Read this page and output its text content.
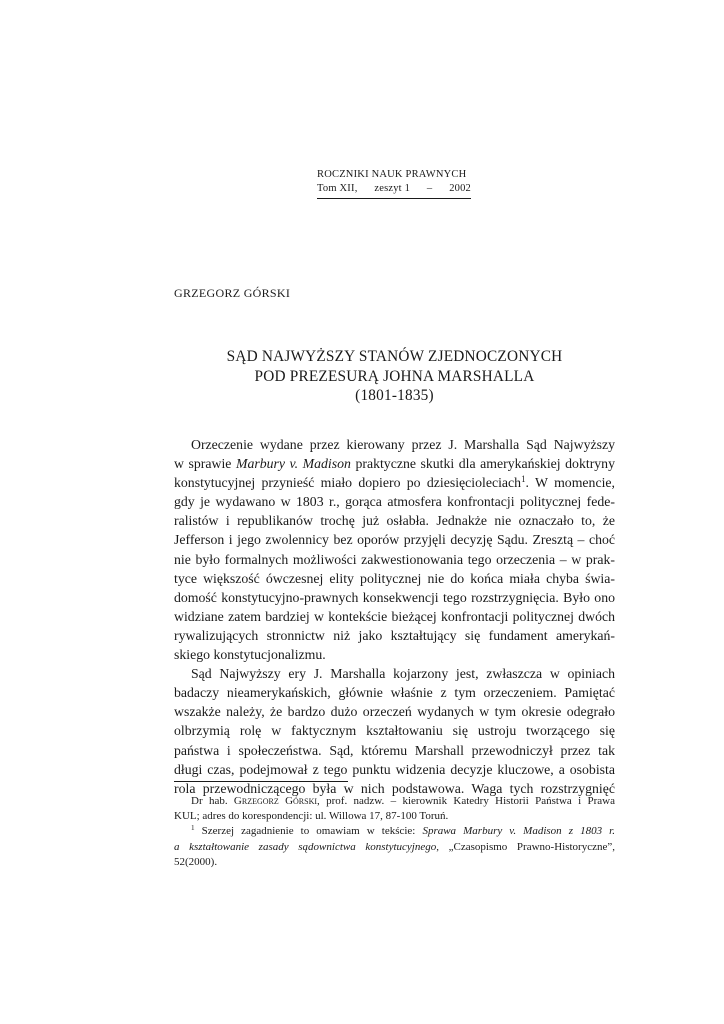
ROCZNIKI NAUK PRAWNYCH
Tom XII, zeszyt 1 – 2002
GRZEGORZ GÓRSKI
SĄD NAJWYŻSZY STANÓW ZJEDNOCZONYCH
POD PREZESURĄ JOHNA MARSHALLA
(1801-1835)
Orzeczenie wydane przez kierowany przez J. Marshalla Sąd Najwyższy
w sprawie Marbury v. Madison praktyczne skutki dla amerykańskiej doktryny
konstytucyjnej przynieść miało dopiero po dziesięcioleciach$^1$. W momencie,
gdy je wydawano w 1803 r., gorąca atmosfera konfrontacji politycznej fede-
ralistów i republikanów trochę już osłabła. Jednakże nie oznaczało to, że
Jefferson i jego zwolennicy bez oporów przyjęli decyzję Sądu. Zresztą – choć
nie było formalnych możliwości zakwestionowania tego orzeczenia – w prak-
tyce większość ówczesnej elity politycznej nie do końca miała chyba świa-
domość konstytucyjno-prawnych konsekwencji tego rozstrzygnięcia. Było ono
widziane zatem bardziej w kontekście bieżącej konfrontacji politycznej dwóch
rywalizujących stronnictw niż jako kształtujący się fundament amerykań-
skiego konstytucjonalizmu.
Sąd Najwyższy ery J. Marshalla kojarzony jest, zwłaszcza w opiniach
badaczy nieamerykańskich, głównie właśnie z tym orzeczeniem. Pamiętać
wszakże należy, że bardzo dużo orzeczeń wydanych w tym okresie odegrało
olbrzymią rolę w faktycznym kształtowaniu się ustroju tworzącego się
państwa i społeczeństwa. Sąd, któremu Marshall przewodniczył przez tak
długi czas, podejmował z tego punktu widzenia decyzje kluczowe, a osobista
rola przewodniczącego była w nich podstawowa. Waga tych rozstrzygnięć
Dr hab. Grzegorz Górski, prof. nadzw. – kierownik Katedry Historii Państwa i Prawa
KUL; adres do korespondencji: ul. Willowa 17, 87-100 Toruń.
$^1$ Szerzej zagadnienie to omawiam w tekście: Sprawa Marbury v. Madison z 1803 r.
a kształtowanie zasady sądownictwa konstytucyjnego, „Czasopismo Prawno-Historyczne”,
52(2000).
